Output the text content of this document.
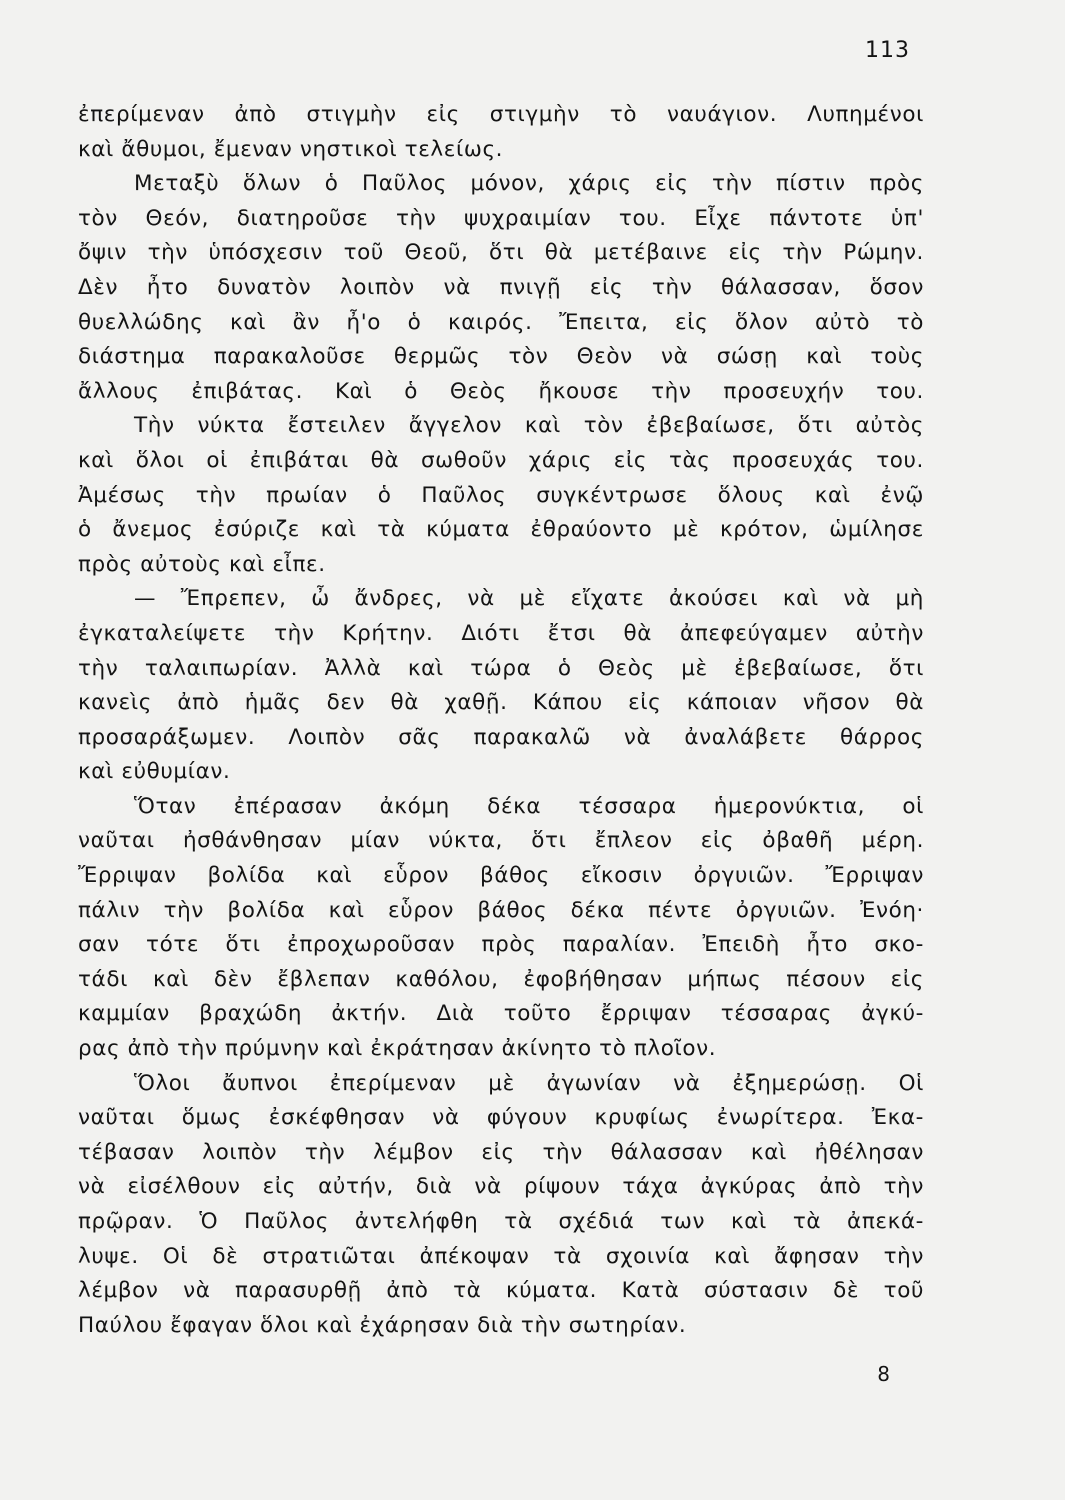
113
ἐπερίμεναν ἀπὸ στιγμὴν εἰς στιγμὴν τὸ ναυάγιον. Λυπημένοι
καὶ ἄθυμοι, ἔμεναν νηστικοὶ τελείως.
Μεταξὺ ὅλων ὁ Παῦλος μόνον, χάρις εἰς τὴν πίστιν πρὸς
τὸν Θεόν, διατηροῦσε τὴν ψυχραιμίαν του. Εἶχε πάντοτε ὑπ'
ὄψιν τὴν ὑπόσχεσιν τοῦ Θεοῦ, ὅτι θὰ μετέβαινε εἰς τὴν Ρώμην.
Δὲν ἦτο δυνατὸν λοιπὸν νὰ πνιγῇ εἰς τὴν θάλασσαν, ὅσον
θυελλώδης καὶ ἂν ἦ'ο ὁ καιρός. Ἔπειτα, εἰς ὅλον αὐτὸ τὸ
διάστημα παρακαλοῦσε θερμῶς τὸν Θεὸν νὰ σώσῃ καὶ τοὺς
ἄλλους ἐπιβάτας. Καὶ ὁ Θεὸς ἤκουσε τὴν προσευχήν του.
Τὴν νύκτα ἔστειλεν ἄγγελον καὶ τὸν ἐβεβαίωσε, ὅτι αὐτὸς
καὶ ὅλοι οἱ ἐπιβάται θὰ σωθοῦν χάρις εἰς τὰς προσευχάς του.
Ἀμέσως τὴν πρωίαν ὁ Παῦλος συγκέντρωσε ὅλους καὶ ἐνῷ
ὁ ἄνεμος ἐσύριζε καὶ τὰ κύματα ἐθραύοντο μὲ κρότον, ὡμίλησε
πρὸς αὐτοὺς καὶ εἶπε.
— Ἔπρεπεν, ὦ ἄνδρες, νὰ μὲ εἴχατε ἀκούσει καὶ νὰ μὴ
ἐγκαταλείψετε τὴν Κρήτην. Διότι ἔτσι θὰ ἀπεφεύγαμεν αὐτὴν
τὴν ταλαιπωρίαν. Ἀλλὰ καὶ τώρα ὁ Θεὸς μὲ ἐβεβαίωσε, ὅτι
κανεὶς ἀπὸ ἡμᾶς δεν θὰ χαθῇ. Κάπου εἰς κάποιαν νῆσον θὰ
προσαράξωμεν. Λοιπὸν σᾶς παρακαλῶ νὰ ἀναλάβετε θάρρος
καὶ εὐθυμίαν.
Ὅταν ἐπέρασαν ἀκόμη δέκα τέσσαρα ἡμερονύκτια, οἱ
ναῦται ἠσθάνθησαν μίαν νύκτα, ὅτι ἔπλεον εἰς ὀβαθῆ μέρη.
Ἔρριψαν βολίδα καὶ εὗρον βάθος εἴκοσιν ὀργυιῶν. Ἔρριψαν
πάλιν τὴν βολίδα καὶ εὗρον βάθος δέκα πέντε ὀργυιῶν. Ἐνόη·
σαν τότε ὅτι ἐπροχωροῦσαν πρὸς παραλίαν. Ἐπειδὴ ἦτο σκο-
τάδι καὶ δὲν ἔβλεπαν καθόλου, ἐφοβήθησαν μήπως πέσουν εἰς
καμμίαν βραχώδη ἀκτήν. Διὰ τοῦτο ἔρριψαν τέσσαρας ἀγκύ-
ρας ἀπὸ τὴν πρύμνην καὶ ἐκράτησαν ἀκίνητο τὸ πλοῖον.
Ὅλοι ἄυπνοι ἐπερίμεναν μὲ ἀγωνίαν νὰ ἐξημερώσῃ. Οἱ
ναῦται ὅμως ἐσκέφθησαν νὰ φύγουν κρυφίως ἐνωρίτερα. Ἐκα-
τέβασαν λοιπὸν τὴν λέμβον εἰς τὴν θάλασσαν καὶ ἠθέλησαν
νὰ εἰσέλθουν εἰς αὐτήν, διὰ νὰ ρίψουν τάχα ἀγκύρας ἀπὸ τὴν
πρῷραν. Ὁ Παῦλος ἀντελήφθη τὰ σχέδιά των καὶ τὰ ἀπεκά-
λυψε. Οἱ δὲ στρατιῶται ἀπέκοψαν τὰ σχοινία καὶ ἄφησαν τὴν
λέμβον νὰ παρασυρθῇ ἀπὸ τὰ κύματα. Κατὰ σύστασιν δὲ τοῦ
Παύλου ἔφαγαν ὅλοι καὶ ἐχάρησαν διὰ τὴν σωτηρίαν.
8
